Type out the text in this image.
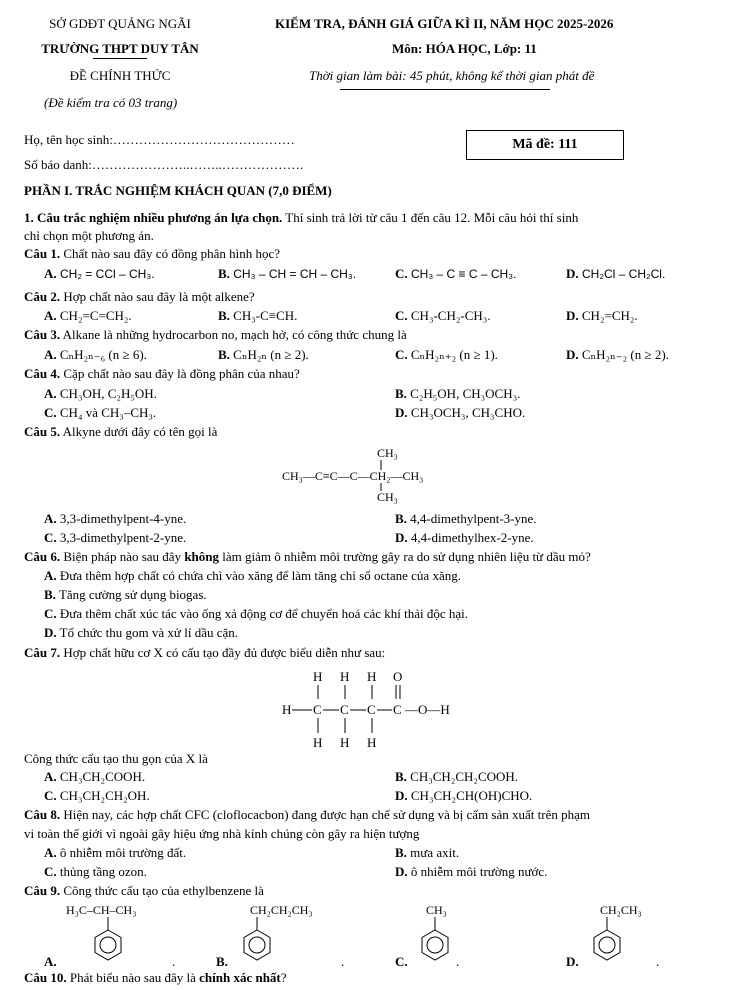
SỞ GDĐT QUẢNG NGÃI
TRƯỜNG THPT DUY TÂN
ĐỀ CHÍNH THỨC
(Đề kiểm tra có 03 trang)
KIỂM TRA, ĐÁNH GIÁ GIỮA KÌ II, NĂM HỌC 2025-2026
Môn: HÓA HỌC, Lớp: 11
Thời gian làm bài: 45 phút, không kể thời gian phát đề
Họ, tên học sinh:……………………………………
Số báo danh:…………………..……..……………….
Mã đề: 111
PHẦN I. TRẮC NGHIỆM KHÁCH QUAN (7,0 ĐIỂM)
1. Câu trắc nghiệm nhiều phương án lựa chọn. Thí sinh trả lời từ câu 1 đến câu 12. Mỗi câu hỏi thí sinh
chỉ chọn một phương án.
Câu 1. Chất nào sau đây có đồng phân hình học?
A. CH₂ = CCl – CH₃.	B. CH₃ – CH = CH – CH₃.	C. CH₃ – C ≡ C – CH₃.	D. CH₂Cl – CH₂Cl.
Câu 2. Hợp chất nào sau đây là một alkene?
A. CH₂=C=CH₂.	B. CH₃-C≡CH.	C. CH₃-CH₂-CH₃.	D. CH₂=CH₂.
Câu 3. Alkane là những hydrocarbon no, mạch hở, có công thức chung là
A. CₙH₂ₙ₋₆ (n ≥ 6).	B. CₙH₂ₙ (n ≥ 2).	C. CₙH₂ₙ₊₂ (n ≥ 1).	D. CₙH₂ₙ₋₂ (n ≥ 2).
Câu 4. Cặp chất nào sau đây là đồng phân của nhau?
A. CH₃OH, C₂H₅OH.	B. C₂H₅OH, CH₃OCH₃.
C. CH₄ và CH₃–CH₃.	D. CH₃OCH₃, CH₃CHO.
Câu 5. Alkyne dưới đây có tên gọi là
CH₃—C≡C—C—CH₂—CH₃
CH₃
CH₃
A. 3,3-dimethylpent-4-yne.	B. 4,4-dimethylpent-3-yne.
C. 3,3-dimethylpent-2-yne.	D. 4,4-dimethylhex-2-yne.
Câu 6. Biện pháp nào sau đây không làm giảm ô nhiễm môi trường gây ra do sử dụng nhiên liệu từ dầu mỏ?
A. Đưa thêm hợp chất có chứa chì vào xăng để làm tăng chỉ số octane của xăng.
B. Tăng cường sử dụng biogas.
C. Đưa thêm chất xúc tác vào ống xả động cơ để chuyển hoá các khí thải độc hại.
D. Tổ chức thu gom và xử lí dầu cặn.
Câu 7. Hợp chất hữu cơ X có cấu tạo đầy đủ được biểu diễn như sau:
H H H O
H C C C C —O—H
H H H
Công thức cấu tạo thu gọn của X là
A. CH₃CH₂COOH.	B. CH₃CH₂CH₂COOH.
C. CH₃CH₂CH₂OH.	D. CH₃CH₂CH(OH)CHO.
Câu 8. Hiện nay, các hợp chất CFC (cloflocacbon) đang được hạn chế sử dụng và bị cấm sản xuất trên phạm
vi toàn thế giới vì ngoài gây hiệu ứng nhà kính chúng còn gây ra hiện tượng
A. ô nhiễm môi trường đất.	B. mưa axit.
C. thủng tầng ozon.	D. ô nhiễm môi trường nước.
Câu 9. Công thức cấu tạo của ethylbenzene là
A.
H₃C–CH–CH₃
.	B.
CH₂CH₂CH₃
.	C.
CH₃
.	D.
CH₂CH₃
.
Câu 10. Phát biểu nào sau đây là chính xác nhất?
